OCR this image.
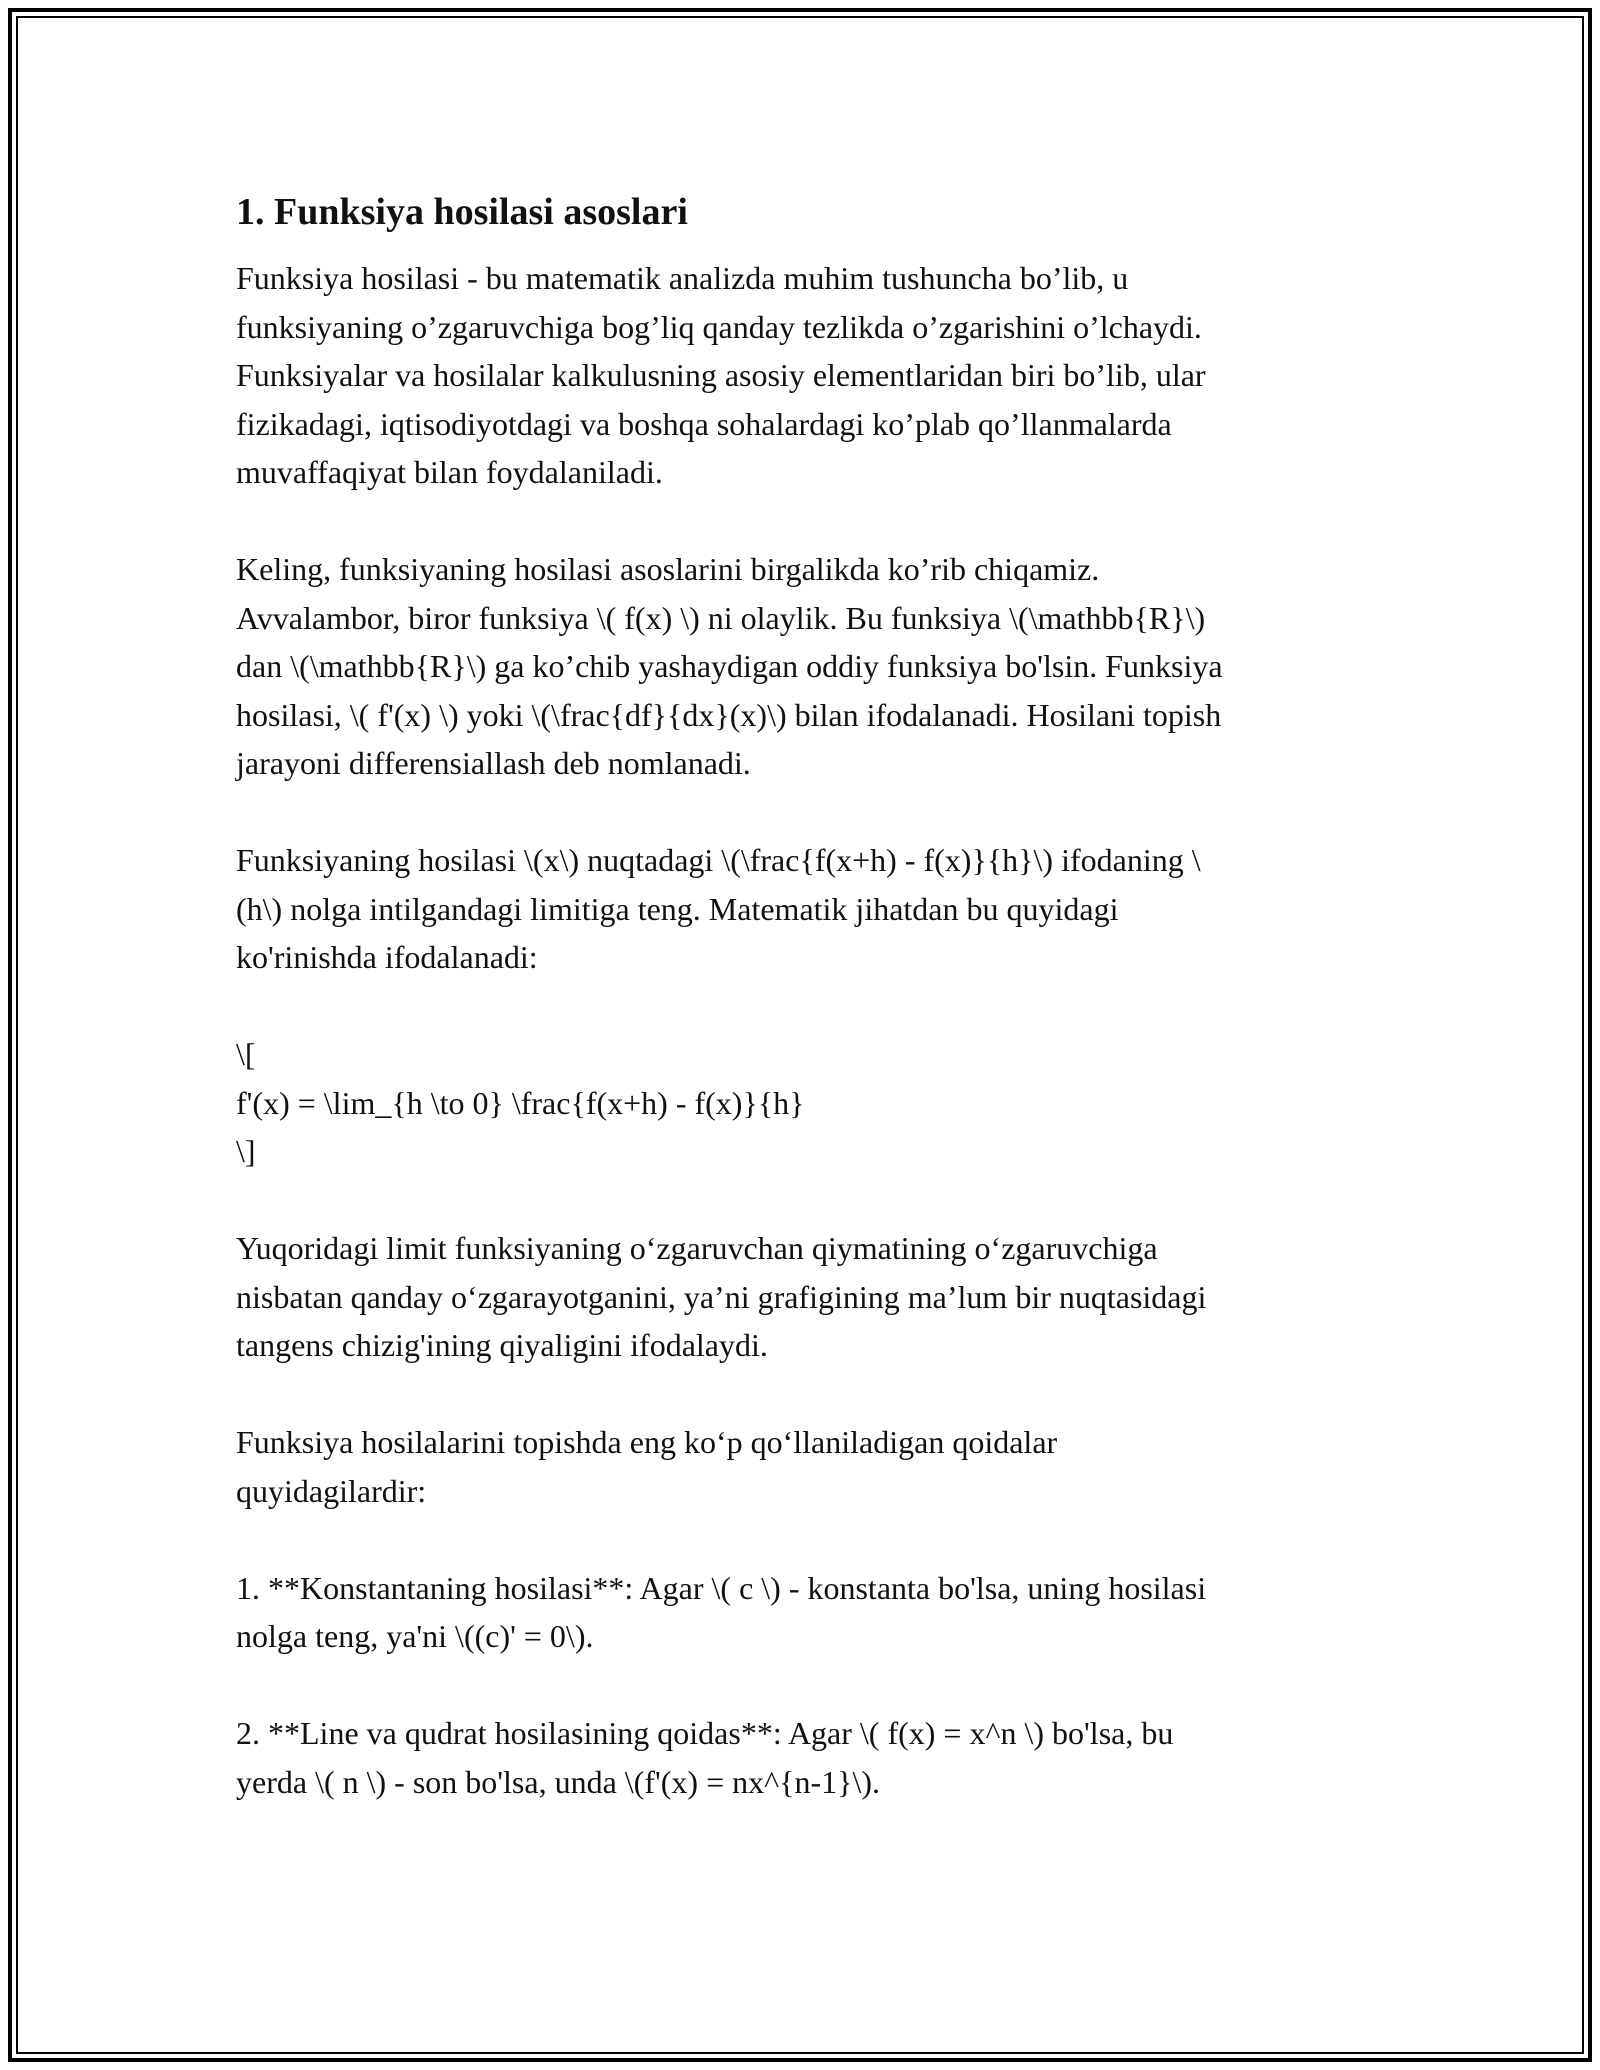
1. Funksiya hosilasi asoslari

Funksiya hosilasi - bu matematik analizda muhim tushuncha bo’lib, u
funksiyaning o’zgaruvchiga bog’liq qanday tezlikda o’zgarishini o’lchaydi.
Funksiyalar va hosilalar kalkulusning asosiy elementlaridan biri bo’lib, ular
fizikadagi, iqtisodiyotdagi va boshqa sohalardagi ko’plab qo’llanmalarda
muvaffaqiyat bilan foydalaniladi.

Keling, funksiyaning hosilasi asoslarini birgalikda ko’rib chiqamiz.
Avvalambor, biror funksiya \( f(x) \) ni olaylik. Bu funksiya \(\mathbb{R}\)
dan \(\mathbb{R}\) ga ko’chib yashaydigan oddiy funksiya bo'lsin. Funksiya
hosilasi, \( f'(x) \) yoki \(\frac{df}{dx}(x)\) bilan ifodalanadi. Hosilani topish
jarayoni differensiallash deb nomlanadi.

Funksiyaning hosilasi \(x\) nuqtadagi \(\frac{f(x+h) - f(x)}{h}\) ifodaning \
(h\) nolga intilgandagi limitiga teng. Matematik jihatdan bu quyidagi
ko'rinishda ifodalanadi:

\[
f'(x) = \lim_{h \to 0} \frac{f(x+h) - f(x)}{h}
\]

Yuqoridagi limit funksiyaning o‘zgaruvchan qiymatining o‘zgaruvchiga
nisbatan qanday o‘zgarayotganini, ya’ni grafigining ma’lum bir nuqtasidagi
tangens chizig'ining qiyaligini ifodalaydi.

Funksiya hosilalarini topishda eng ko‘p qo‘llaniladigan qoidalar
quyidagilardir:

1. **Konstantaning hosilasi**: Agar \( c \) - konstanta bo'lsa, uning hosilasi
nolga teng, ya'ni \((c)' = 0\).

2. **Line va qudrat hosilasining qoidas**: Agar \( f(x) = x^n \) bo'lsa, bu
yerda \( n \) - son bo'lsa, unda \(f'(x) = nx^{n-1}\).
